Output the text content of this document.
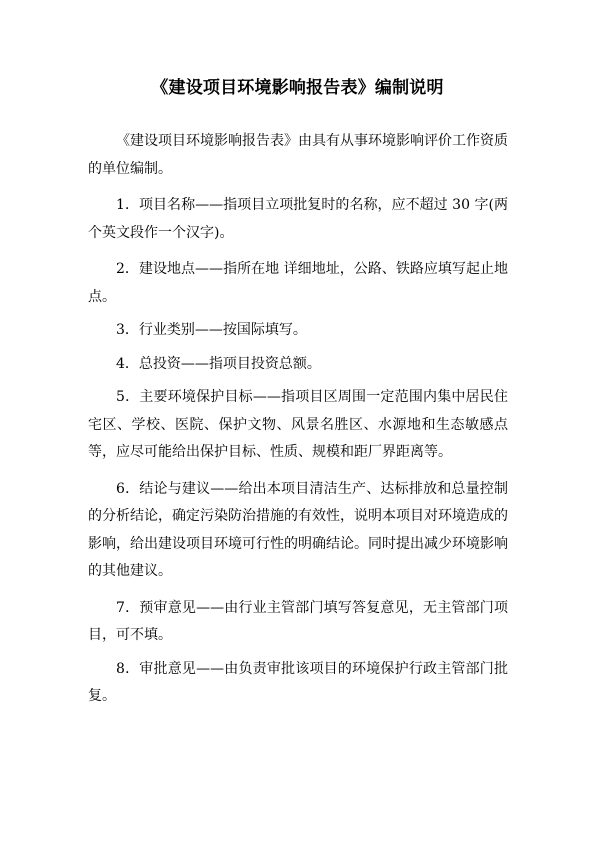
《建设项目环境影响报告表》编制说明

《建设项目环境影响报告表》由具有从事环境影响评价工作资质的单位编制。

1．项目名称——指项目立项批复时的名称，应不超过 30 字(两个英文段作一个汉字)。

2．建设地点——指所在地 详细地址，公路、铁路应填写起止地点。

3．行业类别——按国际填写。

4．总投资——指项目投资总额。

5．主要环境保护目标——指项目区周围一定范围内集中居民住宅区、学校、医院、保护文物、风景名胜区、水源地和生态敏感点等，应尽可能给出保护目标、性质、规模和距厂界距离等。

6．结论与建议——给出本项目清洁生产、达标排放和总量控制的分析结论，确定污染防治措施的有效性，说明本项目对环境造成的影响，给出建设项目环境可行性的明确结论。同时提出减少环境影响的其他建议。

7．预审意见——由行业主管部门填写答复意见，无主管部门项目，可不填。

8．审批意见——由负责审批该项目的环境保护行政主管部门批复。
